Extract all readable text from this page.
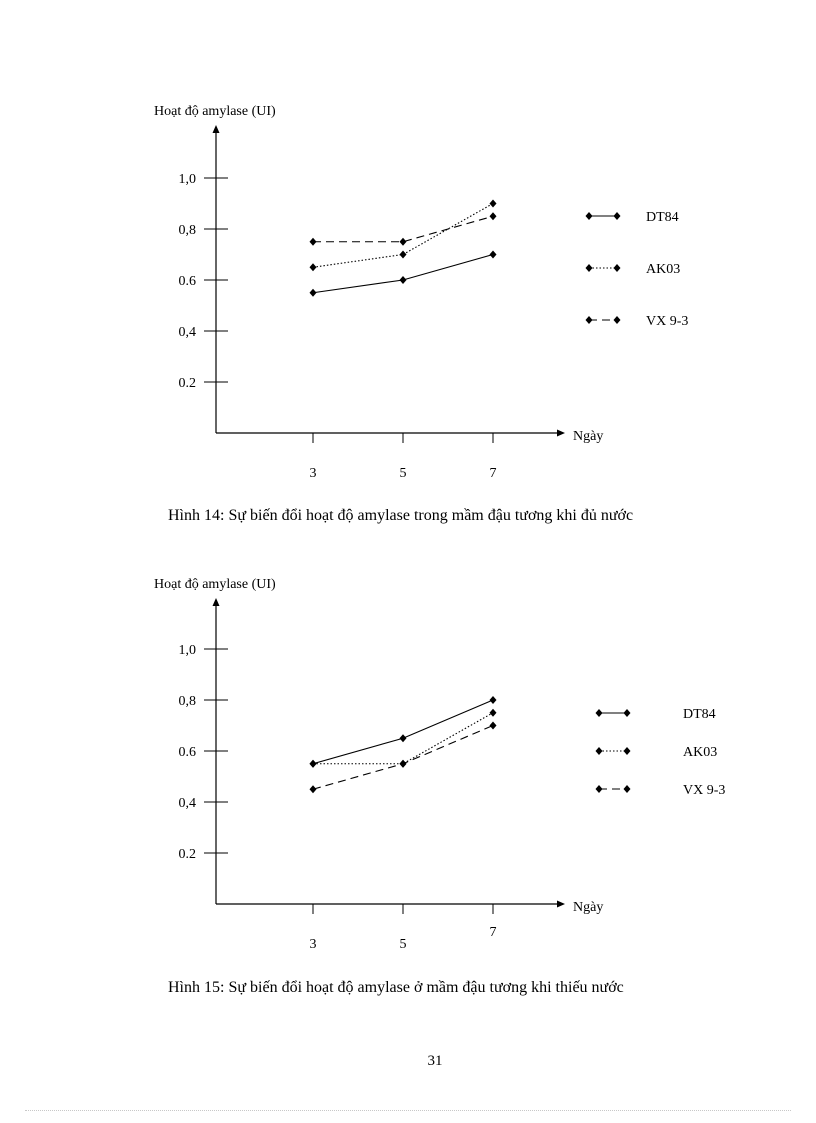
Hoạt độ amylase (UI)
Ngày
0.2
0,4
0.6
0,8
1,0
3	5	7
DT84
AK03
VX 9-3
Hình 14: Sự biến đổi hoạt độ amylase trong mầm đậu tương khi đủ nước
Hoạt độ amylase (UI)
Ngày
0.2
0,4
0.6
0,8
1,0
3	5
7
DT84
AK03
VX 9-3
Hình 15: Sự biến đổi hoạt độ amylase ở mầm đậu tương khi thiếu nước
31
